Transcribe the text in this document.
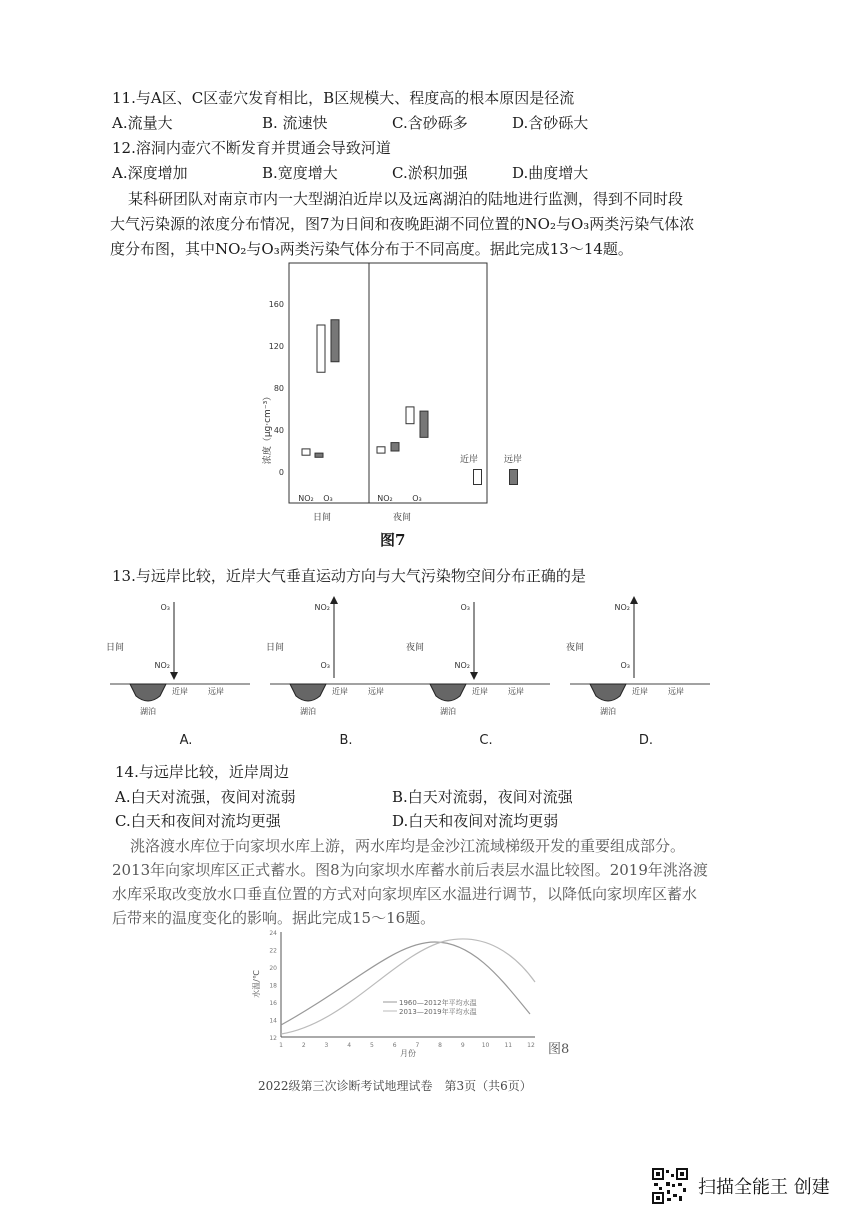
11.与A区、C区壶穴发育相比，B区规模大、程度高的根本原因是径流
A.流量大	B. 流速快	C.含砂砾多	D.含砂砾大
12.溶洞内壶穴不断发育并贯通会导致河道
A.深度增加	B.宽度增大	C.淤积加强	D.曲度增大
某科研团队对南京市内一大型湖泊近岸以及远离湖泊的陆地进行监测，得到不同时段
大气污染源的浓度分布情况，图7为日间和夜晚距湖不同位置的NO₂与O₃两类污染气体浓
度分布图，其中NO₂与O₃两类污染气体分布于不同高度。据此完成13～14题。
浓度（μg·cm⁻³）
0
40
80
120
160
NO₂ O₃
日间
NO₂ O₃
夜间
近岸	远岸
图7
13.与远岸比较，近岸大气垂直运动方向与大气污染物空间分布正确的是
O₃
NO₂
日间
近岸	远岸
湖泊
A.
NO₂
O₃
日间
近岸	远岸
湖泊
B.
O₃
NO₂
夜间
近岸	远岸
湖泊
C.
NO₂
O₃
夜间
近岸	远岸
湖泊
D.
14.与远岸比较，近岸周边
A.白天对流强，夜间对流弱	B.白天对流弱，夜间对流强
C.白天和夜间对流均更强	D.白天和夜间对流均更弱
洮洛渡水库位于向家坝水库上游，两水库均是金沙江流域梯级开发的重要组成部分。
2013年向家坝库区正式蓄水。图8为向家坝水库蓄水前后表层水温比较图。2019年洮洛渡
水库采取改变放水口垂直位置的方式对向家坝库区水温进行调节，以降低向家坝库区蓄水
后带来的温度变化的影响。据此完成15～16题。
水温/℃
12
14
16
18
20
22
24
1	2	3	4	5	6	7	8	9	10	11	12
1960—2012年平均水温
2013—2019年平均水温
月份	图8
2022级第三次诊断考试地理试卷　第3页（共6页）
扫描全能王 创建
